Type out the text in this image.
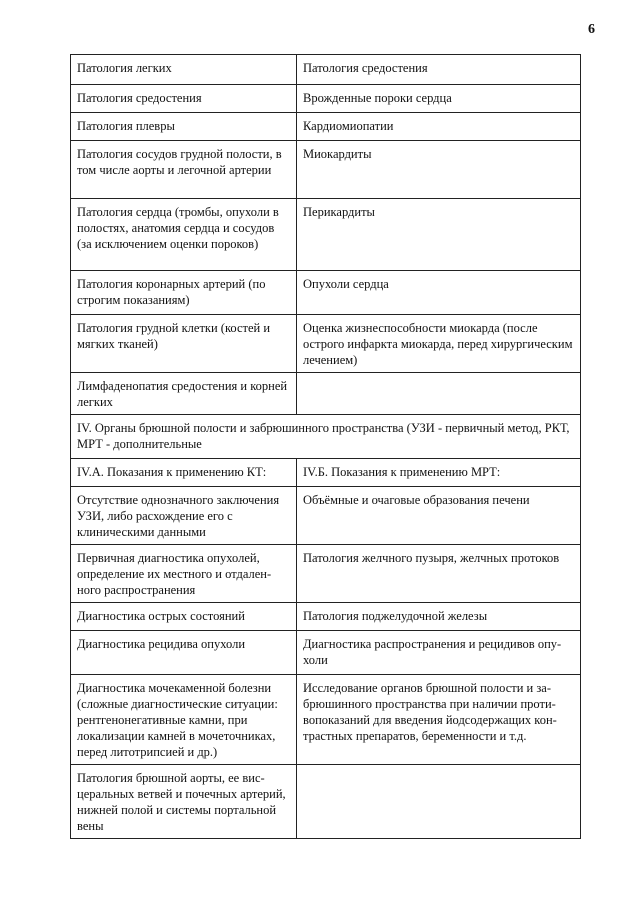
6
Патология легких	Патология средостения
Патология средостения	Врожденные пороки сердца
Патология плевры	Кардиомиопатии
Патология сосудов грудной полости, в том числе аорты и легочной артерии	Миокардиты
Патология сердца (тромбы, опухоли в полостях, анатомия сердца и сосудов (за исключением оценки пороков)	Перикардиты
Патология коронарных артерий (по строгим показаниям)	Опухоли сердца
Патология грудной клетки (костей и мягких тканей)	Оценка жизнеспособности миокарда (после острого инфаркта миокарда, перед хирургическим лечением)
Лимфаденопатия средостения и корней легких	
IV. Органы брюшной полости и забрюшинного пространства (УЗИ - первичный метод, РКТ, МРТ - дополнительные	
IV.А. Показания к применению КТ:	IV.Б. Показания к применению МРТ:
Отсутствие однозначного заключения УЗИ, либо расхождение его с клиническими данными	Объёмные и очаговые образования печени
Первичная диагностика опухолей, определение их местного и отдаленного распространения	Патология желчного пузыря, желчных протоков
Диагностика острых состояний	Патология поджелудочной железы
Диагностика рецидива опухоли	Диагностика распространения и рецидивов опухоли
Диагностика мочекаменной болезни (сложные диагностические ситуации: рентгенонегативные камни, при локализации камней в мочеточниках, перед литотрипсией и др.)	Исследование органов брюшной полости и забрюшинного пространства при наличии противопоказаний для введения йодсодержащих контрастных препаратов, беременности и т.д.
Патология брюшной аорты, ее висцеральных ветвей и почечных артерий, нижней полой и системы портальной вены	
